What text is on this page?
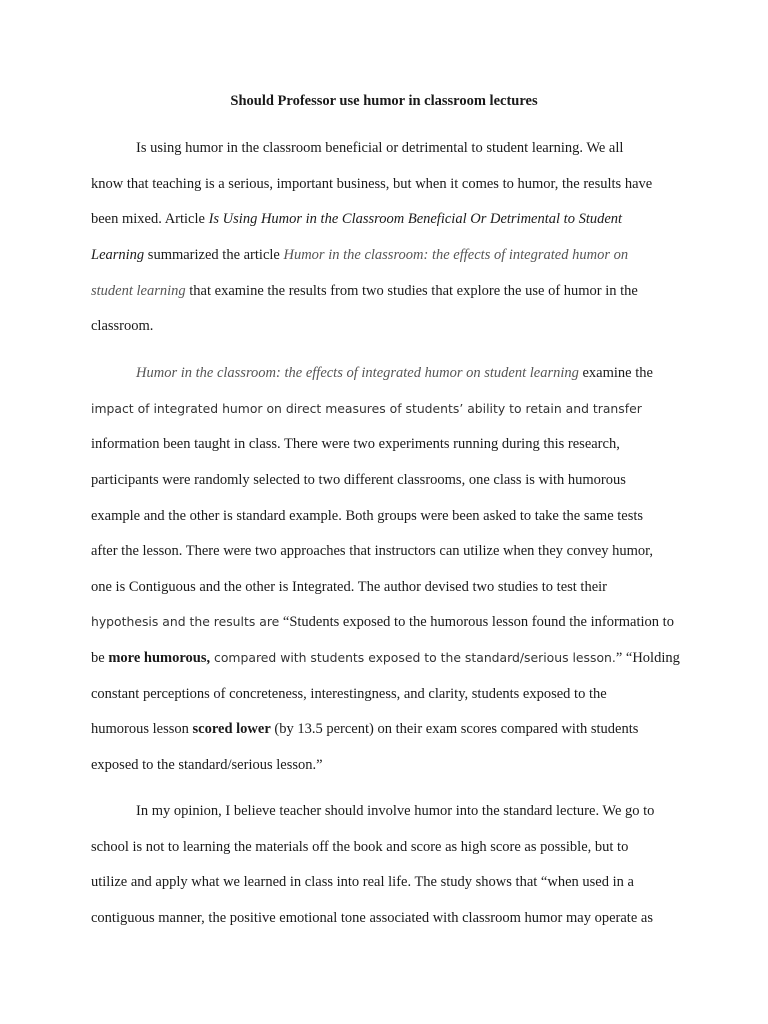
Should Professor use humor in classroom lectures

Is using humor in the classroom beneficial or detrimental to student learning. We all

know that teaching is a serious, important business, but when it comes to humor, the results have

been mixed. Article Is Using Humor in the Classroom Beneficial Or Detrimental to Student

Learning summarized the article Humor in the classroom: the effects of integrated humor on

student learning that examine the results from two studies that explore the use of humor in the

classroom.

Humor in the classroom: the effects of integrated humor on student learning examine the

impact of integrated humor on direct measures of students’ ability to retain and transfer

information been taught in class. There were two experiments running during this research,

participants were randomly selected to two different classrooms, one class is with humorous

example and the other is standard example. Both groups were been asked to take the same tests

after the lesson. There were two approaches that instructors can utilize when they convey humor,

one is Contiguous and the other is Integrated. The author devised two studies to test their

hypothesis and the results are “Students exposed to the humorous lesson found the information to

be more humorous, compared with students exposed to the standard/serious lesson.” “Holding

constant perceptions of concreteness, interestingness, and clarity, students exposed to the

humorous lesson scored lower (by 13.5 percent) on their exam scores compared with students

exposed to the standard/serious lesson.”

In my opinion, I believe teacher should involve humor into the standard lecture. We go to

school is not to learning the materials off the book and score as high score as possible, but to

utilize and apply what we learned in class into real life. The study shows that “when used in a

contiguous manner, the positive emotional tone associated with classroom humor may operate as
